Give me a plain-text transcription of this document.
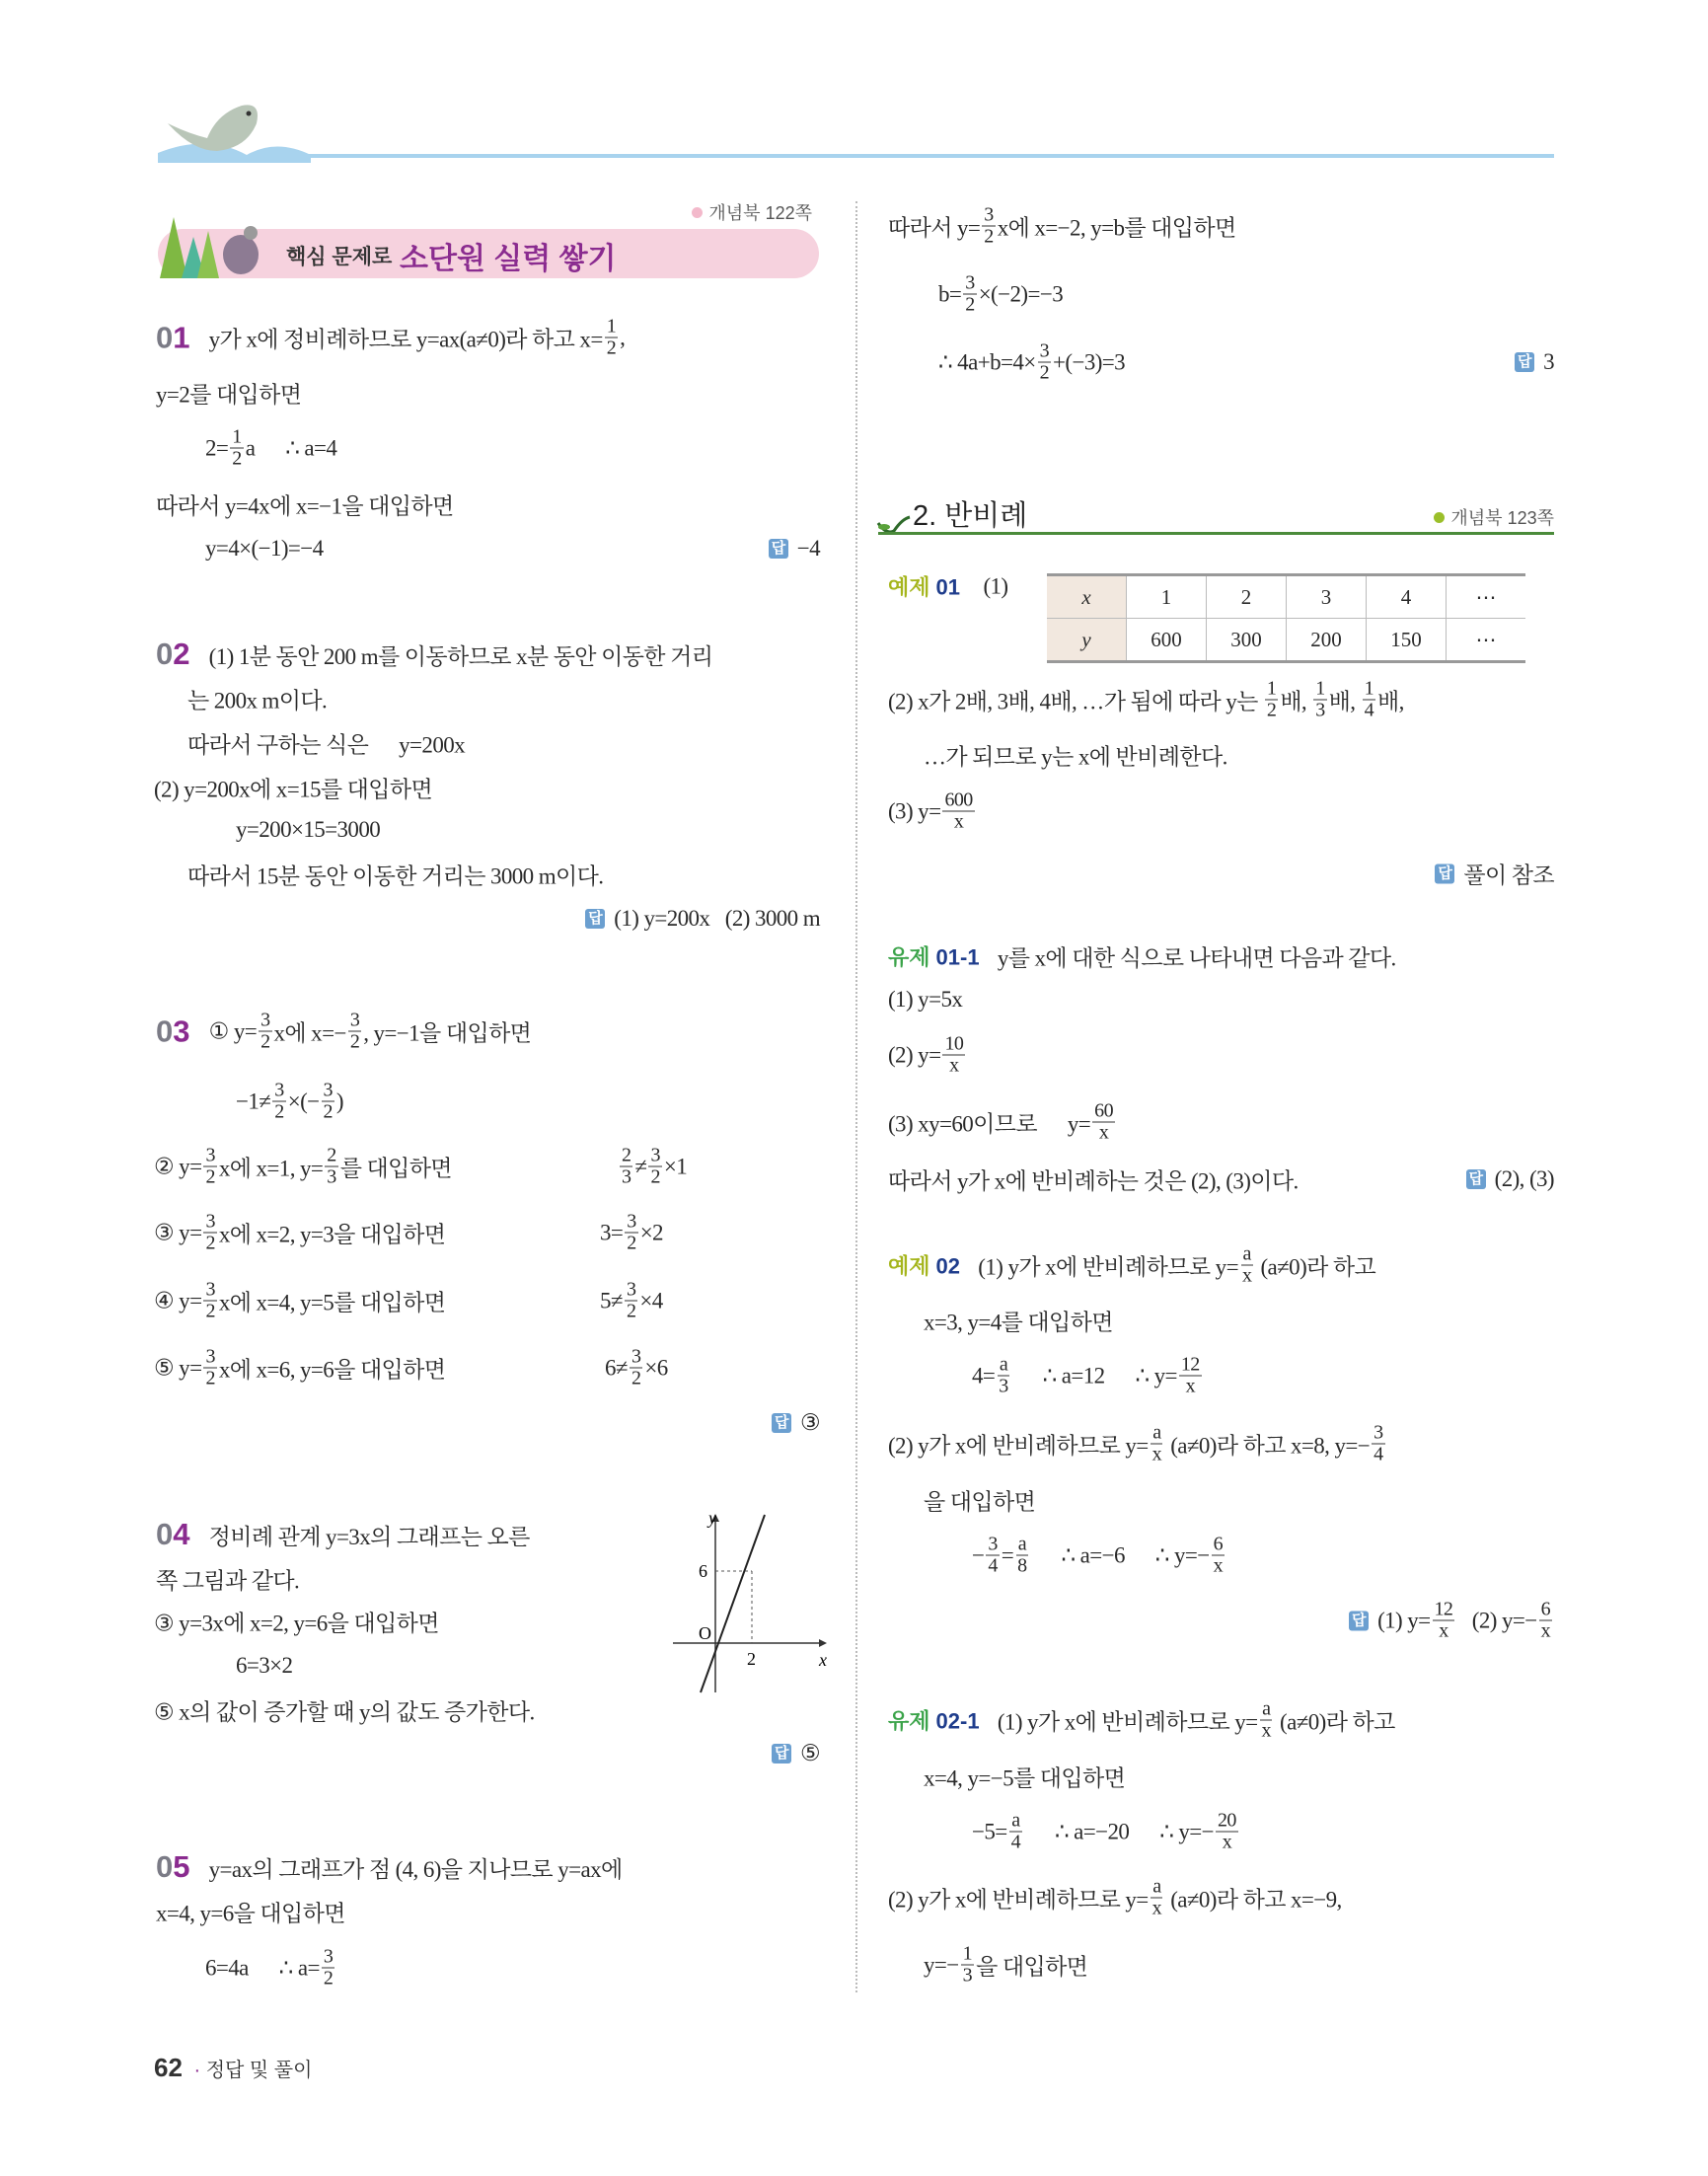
개념북 122쪽
핵심 문제로 소단원 실력 쌓기
01 y가 x에 정비례하므로 y=ax(a≠0)라 하고 $x= \frac{1}{2}$ ,
y=2를 대입하면
$2= \frac{1}{2}$ a      ∴ a=4
따라서 y=4x에 x=−1을 대입하면
y=4×(−1)=−4	답 −4
02 (1) 1분 동안 200 m를 이동하므로 x분 동안 이동한 거리
는 200x m이다.
따라서 구하는 식은      y=200x
(2) y=200x에 x=15를 대입하면
y=200×15=3000
따라서 15분 동안 이동한 거리는 3000 m이다.
답 (1) y=200x   (2) 3000 m
03 ① $y= \frac{3}{2}$ x에 $x=- \frac{3}{2}$ , y=−1을 대입하면
$-1\ne \frac{3}{2}$ ×(− $\frac{3}{2}$ )
② $y= \frac{3}{2}$ x에 x=1, $y= \frac{2}{3}$ 를 대입하면	$\frac{2}{3} \ne \frac{3}{2} \times 1$
③ $y= \frac{3}{2}$ x에 x=2, y=3을 대입하면	$3= \frac{3}{2} \times 2$
④ $y= \frac{3}{2}$ x에 x=4, y=5를 대입하면	$5\ne \frac{3}{2} \times 4$
⑤ $y= \frac{3}{2}$ x에 x=6, y=6을 대입하면	$6\ne \frac{3}{2} \times 6$
답 ③
04 정비례 관계 y=3x의 그래프는 오른
쪽 그림과 같다.
③ y=3x에 x=2, y=6을 대입하면
6=3×2
⑤ x의 값이 증가할 때 y의 값도 증가한다.
답 ⑤
05 y=ax의 그래프가 점 (4, 6)을 지나므로 y=ax에
x=4, y=6을 대입하면
6=4a      ∴ $a= \frac{3}{2}$
y
x
O
6
2
따라서 $y= \frac{3}{2}$ x에 x=−2, y=b를 대입하면
$b= \frac{3}{2} \times(-2)=-3$
∴ $4a+b=4\times \frac{3}{2} +(-3)=3$	답 3
2. 반비례	개념북 123쪽
예제 01 (1)	x	1	2	3	4	⋯
y	600	300	200	150	⋯
(2) x가 2배, 3배, 4배, …가 됨에 따라 y는 $\frac{1}{2}$ 배, $\frac{1}{3}$ 배, $\frac{1}{4}$ 배,
…가 되므로 y는 x에 반비례한다.
(3) $y= \frac{600}{x}$
답 풀이 참조
유제 01-1 y를 x에 대한 식으로 나타내면 다음과 같다.
(1) y=5x
(2) $y= \frac{10}{x}$
(3) xy=60이므로      $y= \frac{60}{x}$
따라서 y가 x에 반비례하는 것은 (2), (3)이다.	답 (2), (3)
예제 02 (1) y가 x에 반비례하므로 $y= \frac{a}{x} (a\ne 0)$라 하고
x=3, y=4를 대입하면
$4= \frac{a}{3}$ ∴ a=12      ∴ $y= \frac{12}{x}$
(2) y가 x에 반비례하므로 $y= \frac{a}{x} (a\ne 0)$라 하고 x=8, $y=- \frac{3}{4}$
을 대입하면
− $\frac{3}{4} = \frac{a}{8}$ ∴ a=−6      ∴ $y=- \frac{6}{x}$
답 (1) $y= \frac{12}{x} (2)$ $y=- \frac{6}{x}$
유제 02-1 (1) y가 x에 반비례하므로 $y= \frac{a}{x} (a\ne 0)$라 하고
x=4, y=−5를 대입하면
$-5= \frac{a}{4}$ ∴ a=−20      ∴ $y=- \frac{20}{x}$
(2) y가 x에 반비례하므로 $y= \frac{a}{x} (a\ne 0)$라 하고 x=−9,
$y=- \frac{1}{3}$ 을 대입하면
62 · 정답 및 풀이
